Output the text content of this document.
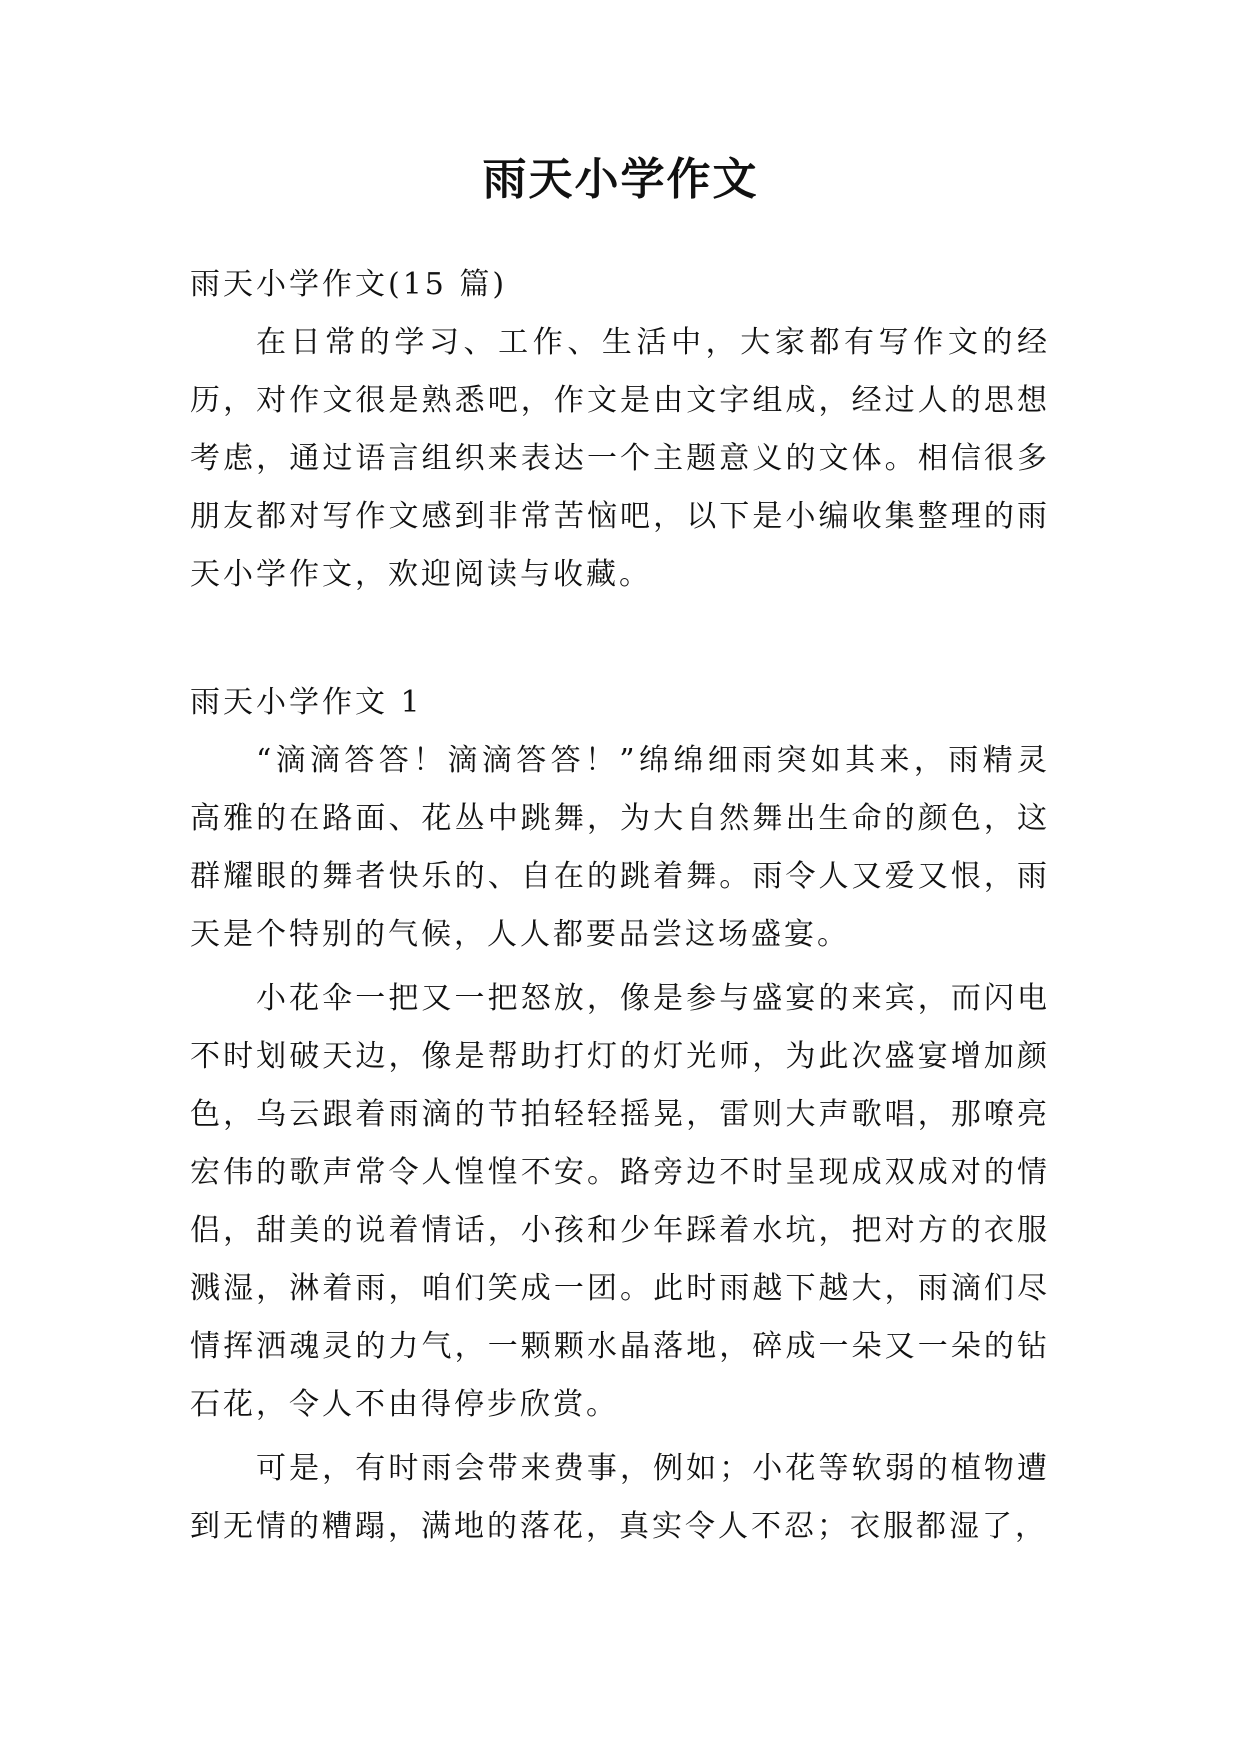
雨天小学作文

雨天小学作文(15 篇)

在日常的学习、工作、生活中，大家都有写作文的经历，对作文很是熟悉吧，作文是由文字组成，经过人的思想考虑，通过语言组织来表达一个主题意义的文体。相信很多朋友都对写作文感到非常苦恼吧，以下是小编收集整理的雨天小学作文，欢迎阅读与收藏。

雨天小学作文 1

“滴滴答答！滴滴答答！”绵绵细雨突如其来，雨精灵高雅的在路面、花丛中跳舞，为大自然舞出生命的颜色，这群耀眼的舞者快乐的、自在的跳着舞。雨令人又爱又恨，雨天是个特别的气候，人人都要品尝这场盛宴。

小花伞一把又一把怒放，像是参与盛宴的来宾，而闪电不时划破天边，像是帮助打灯的灯光师，为此次盛宴增加颜色，乌云跟着雨滴的节拍轻轻摇晃，雷则大声歌唱，那嘹亮宏伟的歌声常令人惶惶不安。路旁边不时呈现成双成对的情侣，甜美的说着情话，小孩和少年踩着水坑，把对方的衣服溅湿，淋着雨，咱们笑成一团。此时雨越下越大，雨滴们尽情挥洒魂灵的力气，一颗颗水晶落地，碎成一朵又一朵的钻石花，令人不由得停步欣赏。

可是，有时雨会带来费事，例如；小花等软弱的植物遭到无情的糟蹋，满地的落花，真实令人不忍；衣服都湿了，
